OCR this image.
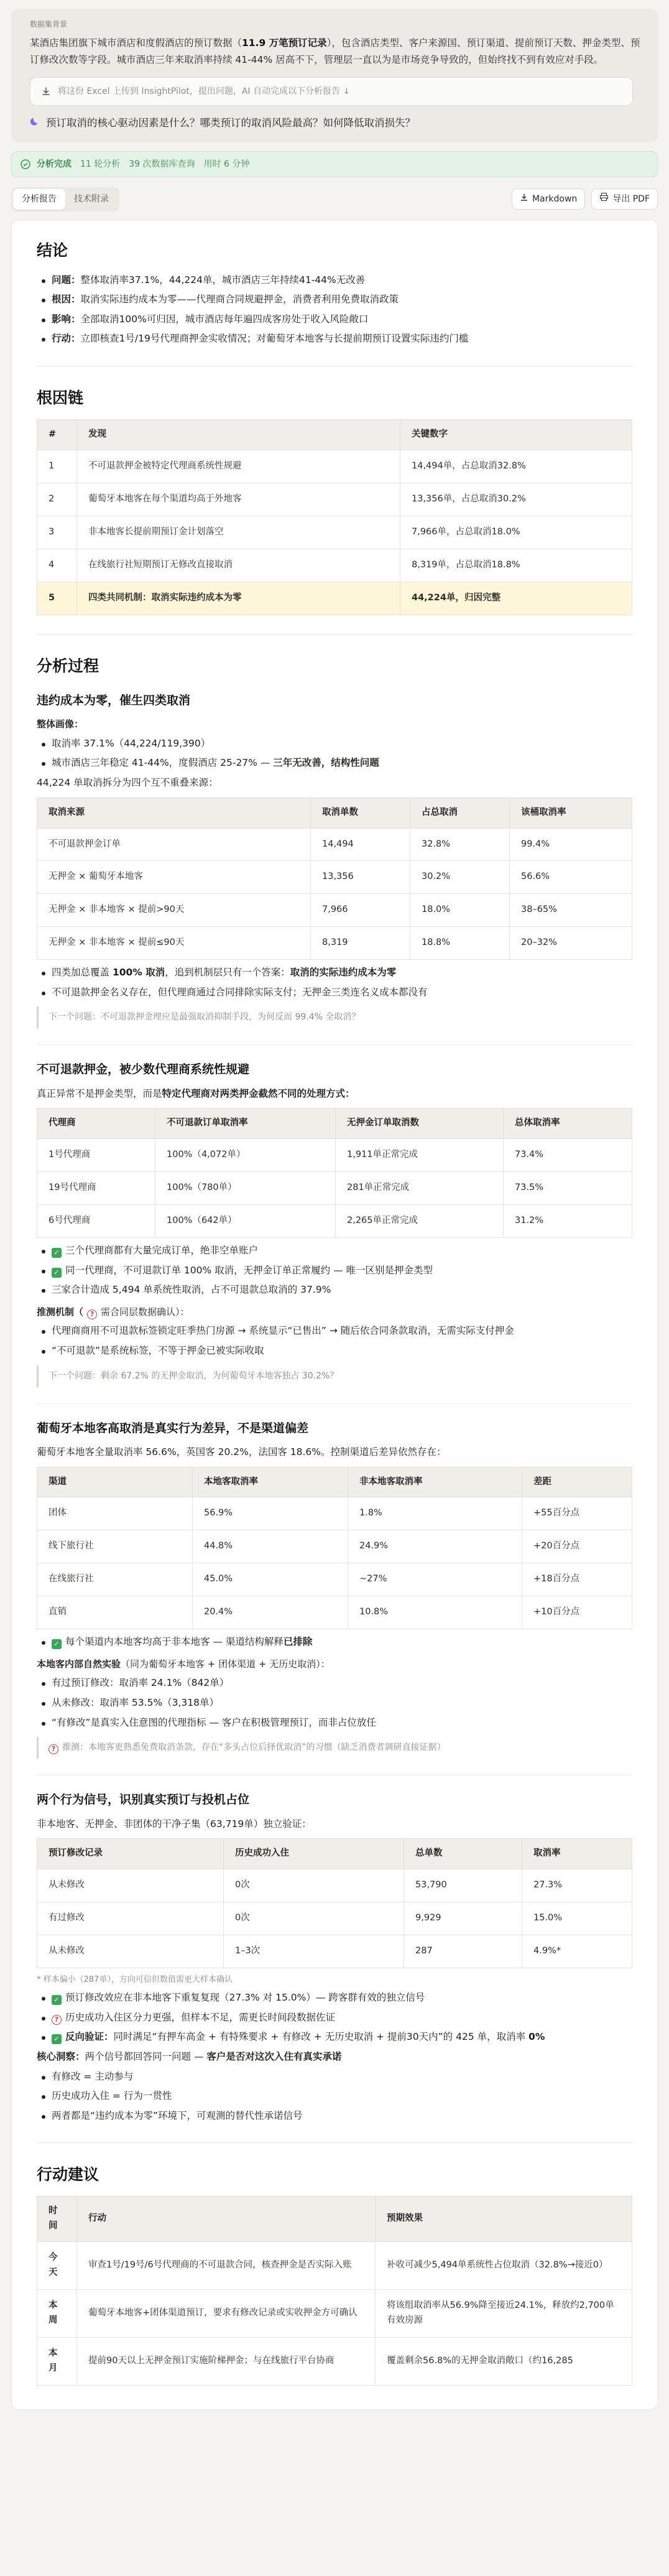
数据集背景
某酒店集团旗下城市酒店和度假酒店的预订数据（11.9 万笔预订记录），包含酒店类型、客户来源国、预订渠道、提前预订天数、押金类型、预订修改次数等字段。城市酒店三年来取消率持续 41-44% 居高不下，管理层一直以为是市场竞争导致的，但始终找不到有效应对手段。
将这份 Excel 上传到 InsightPilot，提出问题，AI 自动完成以下分析报告 ↓
预订取消的核心驱动因素是什么？哪类预订的取消风险最高？如何降低取消损失？
分析完成 11 轮分析 39 次数据库查询 用时 6 分钟
分析报告	技术附录	Markdown	导出 PDF
结论
问题：整体取消率37.1%，44,224单，城市酒店三年持续41-44%无改善
根因：取消实际违约成本为零——代理商合同规避押金，消费者利用免费取消政策
影响：全部取消100%可归因，城市酒店每年遍四成客房处于收入风险敞口
行动：立即核查1号/19号代理商押金实收情况；对葡萄牙本地客与长提前期预订设置实际违约门槛
根因链
#	发现	关键数字
1	不可退款押金被特定代理商系统性规避	14,494单，占总取消32.8%
2	葡萄牙本地客在每个渠道均高于外地客	13,356单，占总取消30.2%
3	非本地客长提前期预订金计划落空	7,966单，占总取消18.0%
4	在线旅行社短期预订无修改直接取消	8,319单，占总取消18.8%
5	四类共同机制：取消实际违约成本为零	44,224单，归因完整
分析过程
违约成本为零，催生四类取消

整体画像：

取消率 37.1%（44,224/119,390）
城市酒店三年稳定 41-44%，度假酒店 25-27% — 三年无改善，结构性问题

44,224 单取消拆分为四个互不重叠来源：

取消来源	取消单数	占总取消	该桶取消率
不可退款押金订单	14,494	32.8%	99.4%
无押金 × 葡萄牙本地客	13,356	30.2%	56.6%
无押金 × 非本地客 × 提前>90天	7,966	18.0%	38–65%
无押金 × 非本地客 × 提前≤90天	8,319	18.8%	20–32%
四类加总覆盖 100% 取消，追到机制层只有一个答案：取消的实际违约成本为零
不可退款押金名义存在，但代理商通过合同排除实际支付；无押金三类连名义成本都没有
下一个问题：不可退款押金理应是最强取消抑制手段，为何反而 99.4% 全取消？
不可退款押金，被少数代理商系统性规避

真正异常不是押金类型，而是特定代理商对两类押金截然不同的处理方式：

代理商	不可退款订单取消率	无押金订单取消数	总体取消率
1号代理商	100%（4,072单）	1,911单正常完成	73.4%
19号代理商	100%（780单）	281单正常完成	73.5%
6号代理商	100%（642单）	2,265单正常完成	31.2%
✓ 三个代理商都有大量完成订单，绝非空单账户
✓ 同一代理商，不可退款订单 100% 取消，无押金订单正常履约 — 唯一区别是押金类型
三家合计造成 5,494 单系统性取消，占不可退款总取消的 37.9%

推测机制（ ? 需合同层数据确认）：

代理商商用不可退款标签锁定旺季热门房源 → 系统显示“已售出” → 随后依合同条款取消，无需实际支付押金
“不可退款”是系统标签，不等于押金已被实际收取
下一个问题：剩余 67.2% 的无押金取消，为何葡萄牙本地客独占 30.2%？
葡萄牙本地客高取消是真实行为差异，不是渠道偏差

葡萄牙本地客全量取消率 56.6%，英国客 20.2%，法国客 18.6%。控制渠道后差异依然存在：

渠道	本地客取消率	非本地客取消率	差距
团体	56.9%	1.8%	+55百分点
线下旅行社	44.8%	24.9%	+20百分点
在线旅行社	45.0%	~27%	+18百分点
直销	20.4%	10.8%	+10百分点
✓ 每个渠道内本地客均高于非本地客 — 渠道结构解释已排除

本地客内部自然实验（同为葡萄牙本地客 + 团体渠道 + 无历史取消）：

有过预订修改：取消率 24.1%（842单）
从未修改：取消率 53.5%（3,318单）
“有修改”是真实入住意图的代理指标 — 客户在积极管理预订，而非占位放任
? 推测：本地客更熟悉免费取消条款，存在“多头占位后择优取消”的习惯（缺乏消费者调研直接证据）
两个行为信号，识别真实预订与投机占位

非本地客、无押金、非团体的干净子集（63,719单）独立验证：

预订修改记录	历史成功入住	总单数	取消率
从未修改	0次	53,790	27.3%
有过修改	0次	9,929	15.0%
从未修改	1–3次	287	4.9%*

* 样本偏小（287单），方向可信但数值需更大样本确认

✓ 预订修改效应在非本地客下重复复现（27.3% 对 15.0%）— 跨客群有效的独立信号
? 历史成功入住区分力更强，但样本不足，需更长时间段数据佐证
✓ 反向验证：同时满足“有押车高金 + 有特殊要求 + 有修改 + 无历史取消 + 提前30天内”的 425 单，取消率 0%

核心洞察：两个信号都回答同一问题 — 客户是否对这次入住有真实承诺

有修改 = 主动参与
历史成功入住 = 行为一贯性
两者都是“违约成本为零”环境下，可观测的替代性承诺信号
行动建议
时间	行动	预期效果
今天	审查1号/19号/6号代理商的不可退款合同，核查押金是否实际入账	补收可减少5,494单系统性占位取消（32.8%→接近0）
本周	葡萄牙本地客+团体渠道预订，要求有修改记录或实收押金方可确认	将该组取消率从56.9%降至接近24.1%，释放约2,700单有效房源
本月	提前90天以上无押金预订实施阶梯押金；与在线旅行平台协商	覆盖剩余56.8%的无押金取消敞口（约16,285
